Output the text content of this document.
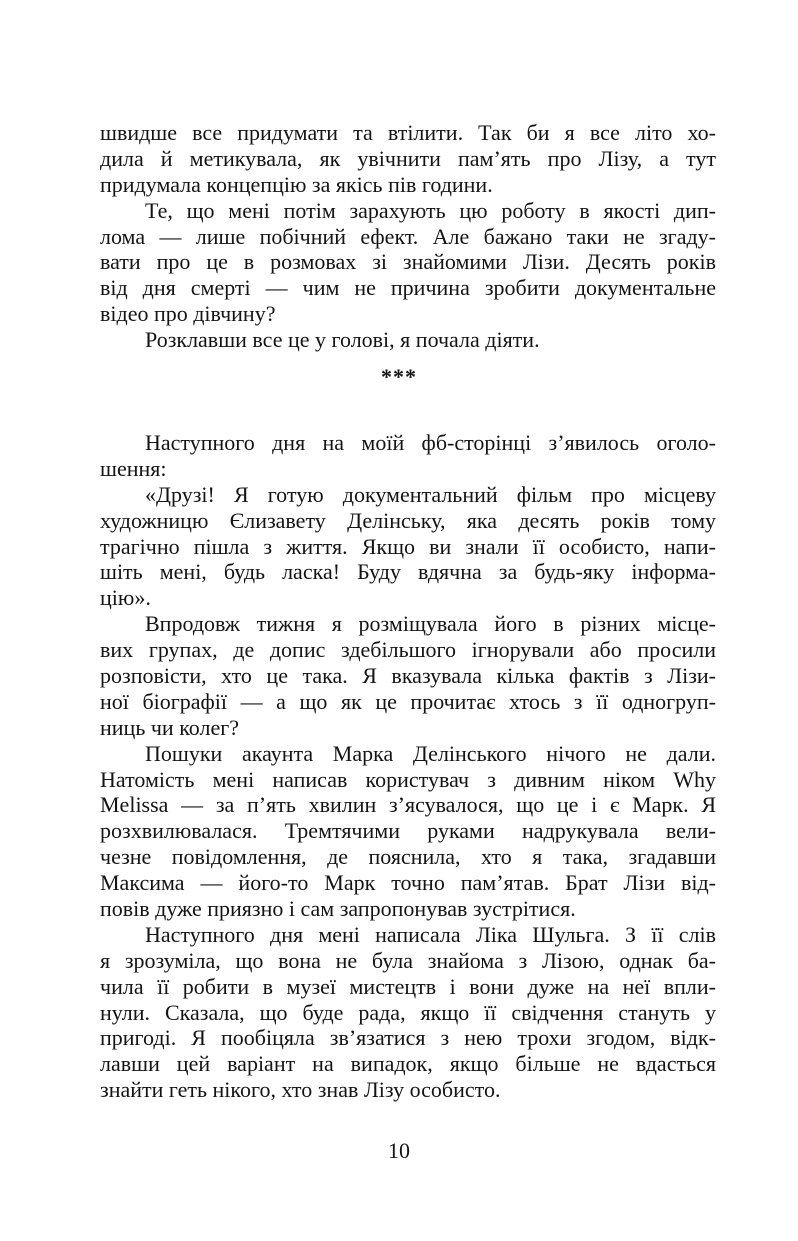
швидше все придумати та втілити. Так би я все літо хо-
дила й метикувала, як увічнити пам’ять про Лізу, а тут
придумала концепцію за якісь пів години.
Те, що мені потім зарахують цю роботу в якості дип-
лома — лише побічний ефект. Але бажано таки не згаду-
вати про це в розмовах зі знайомими Лізи. Десять років
від дня смерті — чим не причина зробити документальне
відео про дівчину?
Розклавши все це у голові, я почала діяти.
***
Наступного дня на моїй фб-сторінці з’явилось оголо-
шення:
«Друзі! Я готую документальний фільм про місцеву
художницю Єлизавету Делінську, яка десять років тому
трагічно пішла з життя. Якщо ви знали її особисто, напи-
шіть мені, будь ласка! Буду вдячна за будь-яку інформа-
цію».
Впродовж тижня я розміщувала його в різних місце-
вих групах, де допис здебільшого ігнорували або просили
розповісти, хто це така. Я вказувала кілька фактів з Лізи-
ної біографії — а що як це прочитає хтось з її одногруп-
ниць чи колег?
Пошуки акаунта Марка Делінського нічого не дали.
Натомість мені написав користувач з дивним ніком Why
Melissa — за п’ять хвилин з’ясувалося, що це і є Марк. Я
розхвилювалася. Тремтячими руками надрукувала вели-
чезне повідомлення, де пояснила, хто я така, згадавши
Максима — його-то Марк точно пам’ятав. Брат Лізи від-
повів дуже приязно і сам запропонував зустрітися.
Наступного дня мені написала Ліка Шульга. З її слів
я зрозуміла, що вона не була знайома з Лізою, однак ба-
чила її робити в музеї мистецтв і вони дуже на неї впли-
нули. Сказала, що буде рада, якщо її свідчення стануть у
пригоді. Я пообіцяла зв’язатися з нею трохи згодом, відк-
лавши цей варіант на випадок, якщо більше не вдасться
знайти геть нікого, хто знав Лізу особисто.
10
